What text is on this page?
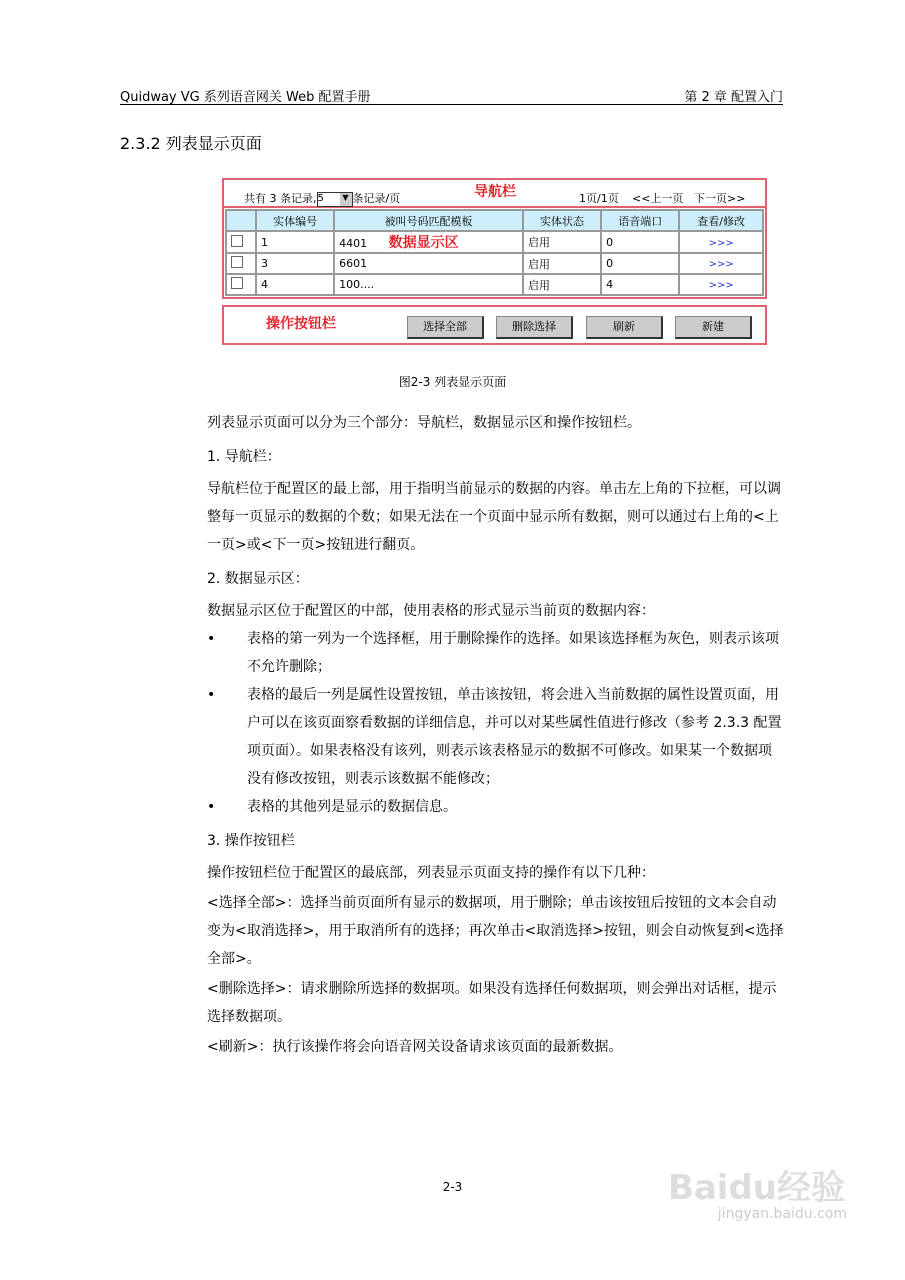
Quidway VG 系列语音网关 Web 配置手册	第 2 章 配置入门
2.3.2 列表显示页面
共有 3 条记录,5	▼ 条记录/页	导航栏	1页/1页 <<上一页 下一页>>
	实体编号	被叫号码匹配模板	实体状态	语音端口	查看/修改
	1	4401 数据显示区	启用	0	>>>
	3	6601	启用	0	>>>
	4	100....	启用	4	>>>
操作按钮栏	选择全部	删除选择	刷新	新建
图2-3 列表显示页面

列表显示页面可以分为三个部分：导航栏，数据显示区和操作按钮栏。

1. 导航栏：

导航栏位于配置区的最上部，用于指明当前显示的数据的内容。单击左上角的下拉框，可以调整每一页显示的数据的个数；如果无法在一个页面中显示所有数据，则可以通过右上角的<上一页>或<下一页>按钮进行翻页。

2. 数据显示区：

数据显示区位于配置区的中部，使用表格的形式显示当前页的数据内容：

• 表格的第一列为一个选择框，用于删除操作的选择。如果该选择框为灰色，则表示该项不允许删除；
• 表格的最后一列是属性设置按钮，单击该按钮，将会进入当前数据的属性设置页面，用户可以在该页面察看数据的详细信息，并可以对某些属性值进行修改（参考 2.3.3 配置项页面）。如果表格没有该列，则表示该表格显示的数据不可修改。如果某一个数据项没有修改按钮，则表示该数据不能修改；
• 表格的其他列是显示的数据信息。

3. 操作按钮栏

操作按钮栏位于配置区的最底部，列表显示页面支持的操作有以下几种：

<选择全部>：选择当前页面所有显示的数据项，用于删除；单击该按钮后按钮的文本会自动变为<取消选择>，用于取消所有的选择；再次单击<取消选择>按钮，则会自动恢复到<选择全部>。

<删除选择>：请求删除所选择的数据项。如果没有选择任何数据项，则会弹出对话框，提示选择数据项。

<刷新>：执行该操作将会向语音网关设备请求该页面的最新数据。

2-3	Baidu经验
jingyan.baidu.com
